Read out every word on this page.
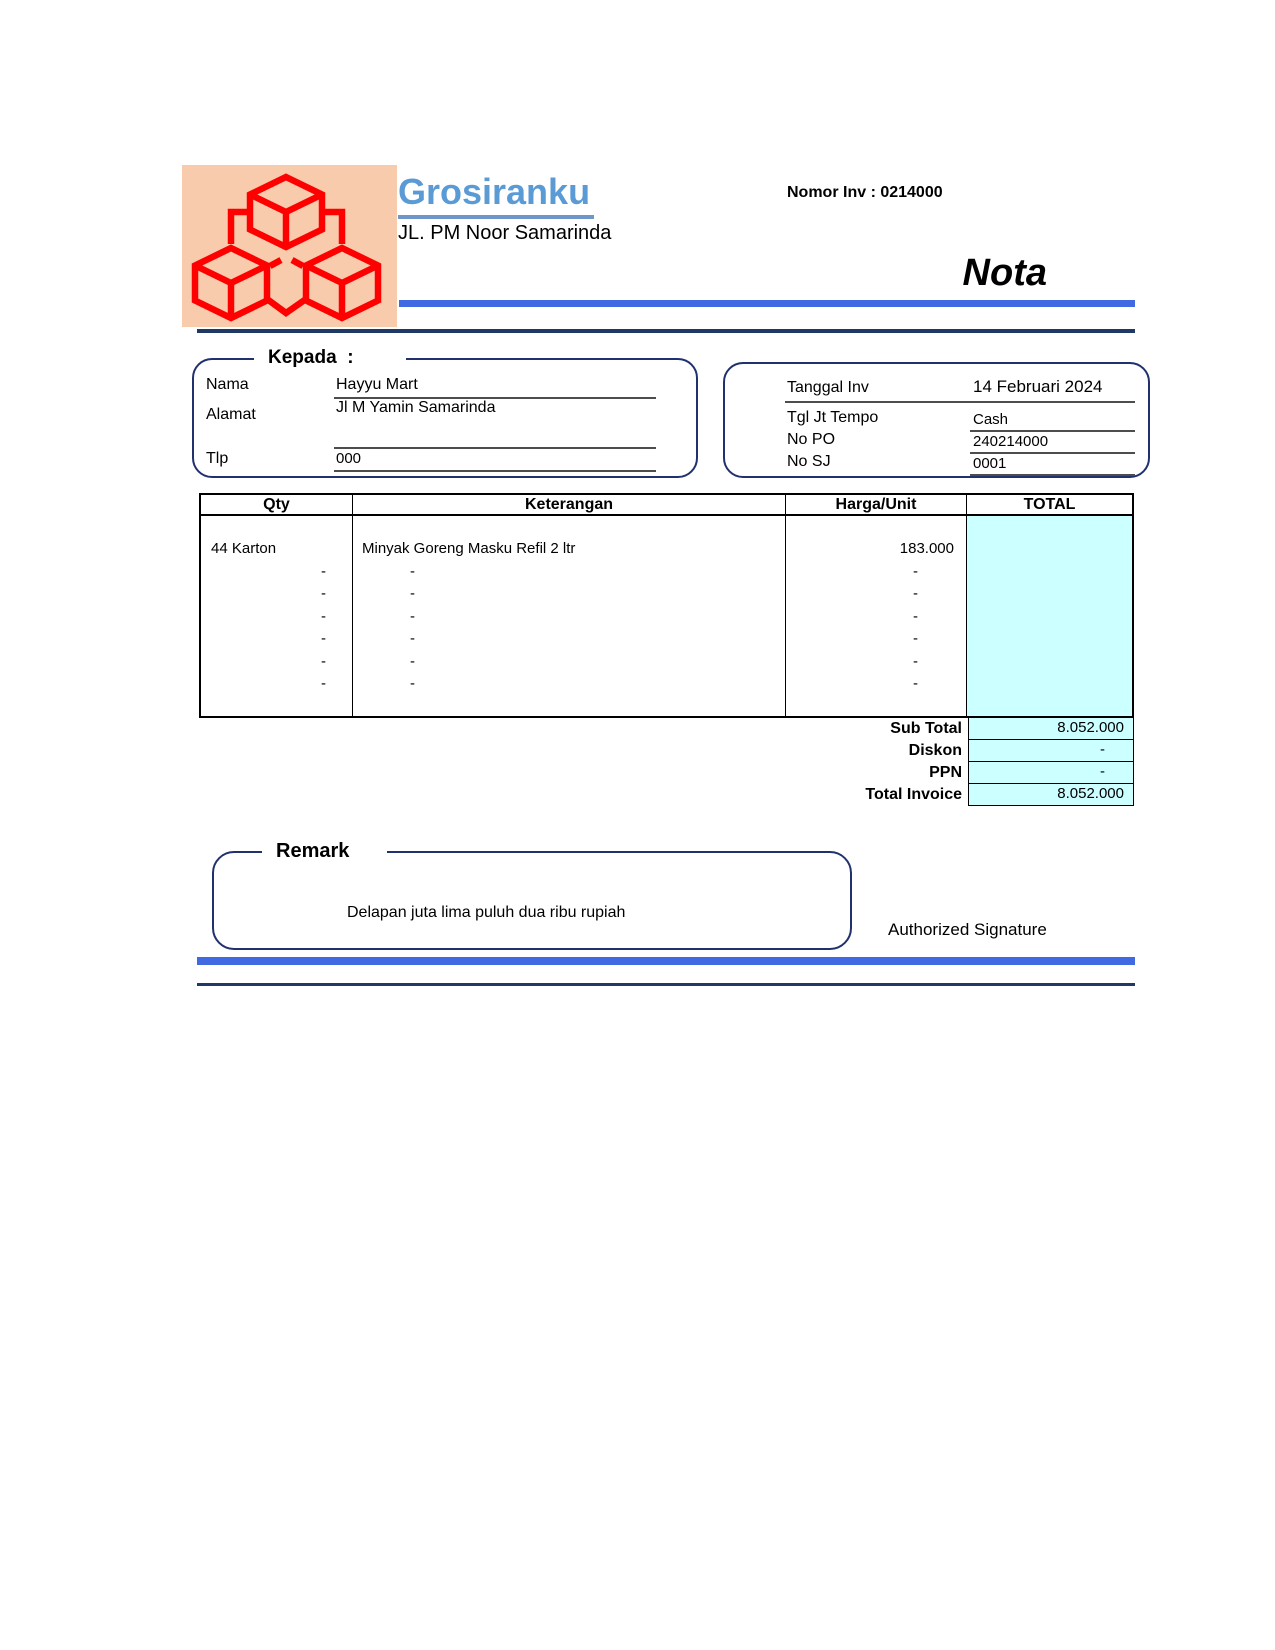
Grosiranku
JL. PM Noor Samarinda
Nomor Inv : 0214000
Nota
Kepada  :
Nama	Hayyu Mart
Alamat	Jl M Yamin Samarinda
Tlp	000
Tanggal Inv	14 Februari 2024
Tgl Jt Tempo	Cash
No PO	240214000
No SJ	0001
Qty	Keterangan	Harga/Unit	TOTAL
44 Karton	Minyak Goreng Masku Refil 2 ltr	183.000
-	-	-
-	-	-
-	-	-
-	-	-
-	-	-
-	-	-
Sub Total	8.052.000
Diskon	-
PPN	-
Total Invoice	8.052.000
Remark
Delapan juta lima puluh dua ribu rupiah
Authorized Signature
